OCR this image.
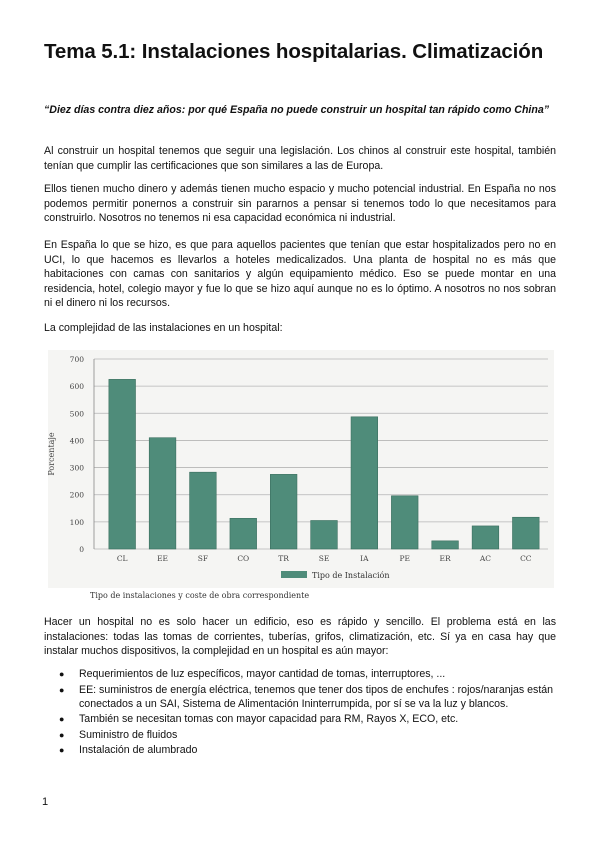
Tema 5.1: Instalaciones hospitalarias. Climatización

“Diez días contra diez años: por qué España no puede construir un hospital tan rápido como China”

Al construir un hospital tenemos que seguir una legislación. Los chinos al construir este hospital, también tenían que cumplir las certificaciones que son similares a las de Europa.

Ellos tienen mucho dinero y además tienen mucho espacio y mucho potencial industrial. En España no nos podemos permitir ponernos a construir sin pararnos a pensar si tenemos todo lo que necesitamos para construirlo. Nosotros no tenemos ni esa capacidad económica ni industrial.

En España lo que se hizo, es que para aquellos pacientes que tenían que estar hospitalizados pero no en UCI, lo que hacemos es llevarlos a hoteles medicalizados. Una planta de hospital no es más que habitaciones con camas con sanitarios y algún equipamiento médico. Eso se puede montar en una residencia, hotel, colegio mayor y fue lo que se hizo aquí aunque no es lo óptimo. A nosotros no nos sobran ni el dinero ni los recursos.

La complejidad de las instalaciones en un hospital:

0
100
200
300
400
500
600
700
CL	EE	SF	CO	TR	SE	IA	PE	ER	AC	CC
Porcentaje
Tipo de Instalación
Tipo de instalaciones y coste de obra correspondiente

Hacer un hospital no es solo hacer un edificio, eso es rápido y sencillo. El problema está en las instalaciones: todas las tomas de corrientes, tuberías, grifos, climatización, etc. Sí ya en casa hay que instalar muchos dispositivos, la complejidad en un hospital es aún mayor:

● Requerimientos de luz específicos, mayor cantidad de tomas, interruptores, ...
● EE: suministros de energía eléctrica, tenemos que tener dos tipos de enchufes : rojos/naranjas están conectados a un SAI, Sistema de Alimentación Ininterrumpida, por sí se va la luz y blancos.
● También se necesitan tomas con mayor capacidad para RM, Rayos X, ECO, etc.
● Suministro de fluidos
● Instalación de alumbrado
1
